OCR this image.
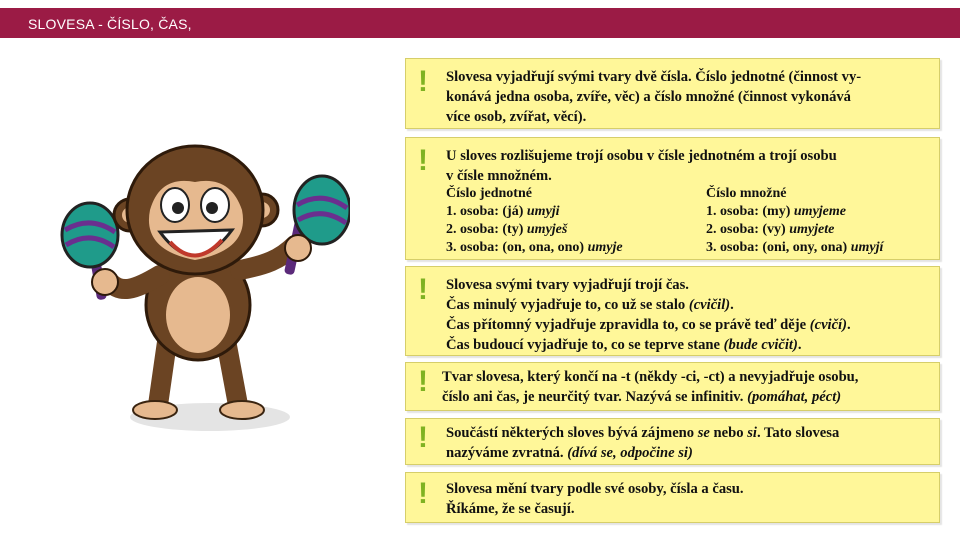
SLOVESA - ČÍSLO, ČAS,
! Slovesa vyjadřují svými tvary dvě čísla. Číslo jednotné (činnost vy-
konává jedna osoba, zvíře, věc) a číslo množné (činnost vykonává
více osob, zvířat, věcí).
! U sloves rozlišujeme trojí osobu v čísle jednotném a trojí osobu
v čísle množném.
Číslo jednotné
1. osoba: (já) umyji
2. osoba: (ty) umyješ
3. osoba: (on, ona, ono) umyje
Číslo množné
1. osoba: (my) umyjeme
2. osoba: (vy) umyjete
3. osoba: (oni, ony, ona) umyjí
! Slovesa svými tvary vyjadřují trojí čas.
Čas minulý vyjadřuje to, co už se stalo (cvičil).
Čas přítomný vyjadřuje zpravidla to, co se právě teď děje (cvičí).
Čas budoucí vyjadřuje to, co se teprve stane (bude cvičit).
! Tvar slovesa, který končí na -t (někdy -ci, -ct) a nevyjadřuje osobu,
číslo ani čas, je neurčitý tvar. Nazývá se infinitiv. (pomáhat, péct)
! Součástí některých sloves bývá zájmeno se nebo si. Tato slovesa
nazýváme zvratná. (dívá se, odpočine si)
! Slovesa mění tvary podle své osoby, čísla a času.
Říkáme, že se časují.
